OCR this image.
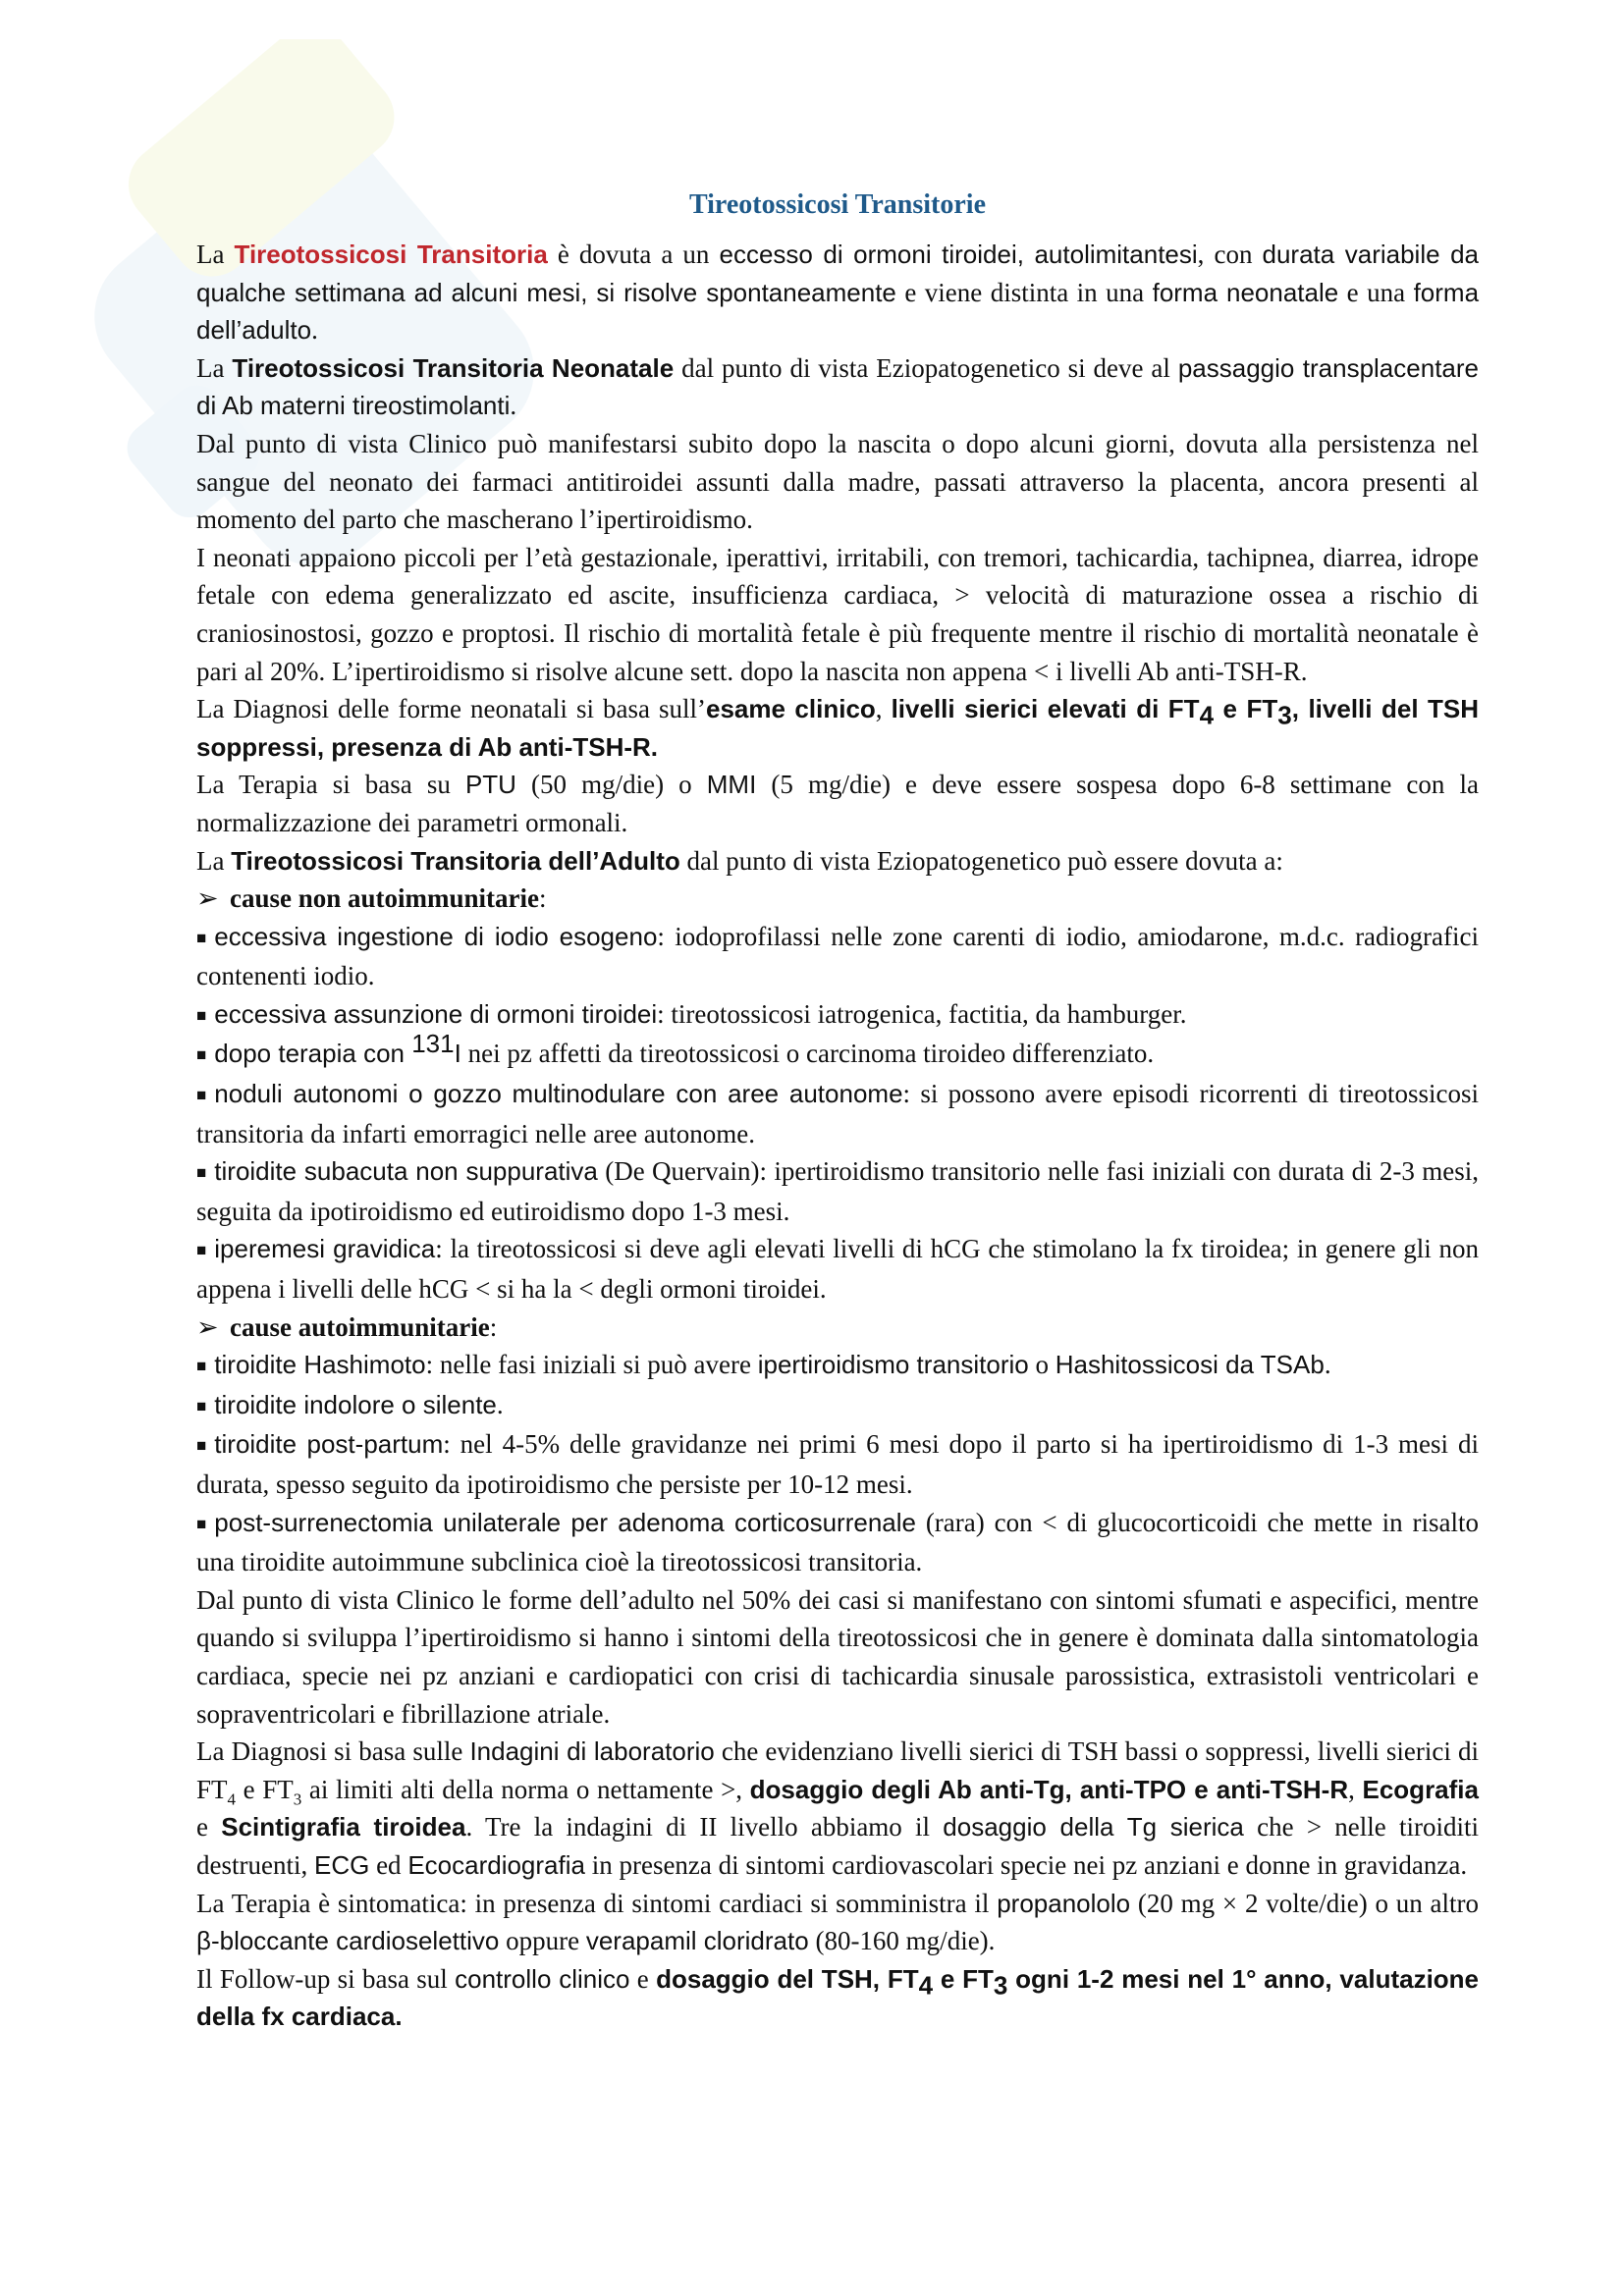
Tireotossicosi Transitorie

La Tireotossicosi Transitoria è dovuta a un eccesso di ormoni tiroidei, autolimitantesi, con durata variabile da qualche settimana ad alcuni mesi, si risolve spontaneamente e viene distinta in una forma neonatale e una forma dell’adulto.

La Tireotossicosi Transitoria Neonatale dal punto di vista Eziopatogenetico si deve al passaggio transplacentare di Ab materni tireostimolanti.

Dal punto di vista Clinico può manifestarsi subito dopo la nascita o dopo alcuni giorni, dovuta alla persistenza nel sangue del neonato dei farmaci antitiroidei assunti dalla madre, passati attraverso la placenta, ancora presenti al momento del parto che mascherano l’ipertiroidismo.

I neonati appaiono piccoli per l’età gestazionale, iperattivi, irritabili, con tremori, tachicardia, tachipnea, diarrea, idrope fetale con edema generalizzato ed ascite, insufficienza cardiaca, > velocità di maturazione ossea a rischio di craniosinostosi, gozzo e proptosi. Il rischio di mortalità fetale è più frequente mentre il rischio di mortalità neonatale è pari al 20%. L’ipertiroidismo si risolve alcune sett. dopo la nascita non appena < i livelli Ab anti-TSH-R.

La Diagnosi delle forme neonatali si basa sull’esame clinico, livelli sierici elevati di $FT_4$ e $FT_3$, livelli del TSH soppressi, presenza di Ab anti-TSH-R.

La Terapia si basa su PTU (50 mg/die) o MMI (5 mg/die) e deve essere sospesa dopo 6-8 settimane con la normalizzazione dei parametri ormonali.

La Tireotossicosi Transitoria dell’Adulto dal punto di vista Eziopatogenetico può essere dovuta a:

➢ cause non autoimmunitarie:

■ eccessiva ingestione di iodio esogeno: iodoprofilassi nelle zone carenti di iodio, amiodarone, m.d.c. radiografici contenenti iodio.

■ eccessiva assunzione di ormoni tiroidei: tireotossicosi iatrogenica, factitia, da hamburger.

■ dopo terapia con $^{131}$I nei pz affetti da tireotossicosi o carcinoma tiroideo differenziato.

■ noduli autonomi o gozzo multinodulare con aree autonome: si possono avere episodi ricorrenti di tireotossicosi transitoria da infarti emorragici nelle aree autonome.

■ tiroidite subacuta non suppurativa (De Quervain): ipertiroidismo transitorio nelle fasi iniziali con durata di 2-3 mesi, seguita da ipotiroidismo ed eutiroidismo dopo 1-3 mesi.

■ iperemesi gravidica: la tireotossicosi si deve agli elevati livelli di hCG che stimolano la fx tiroidea; in genere gli non appena i livelli delle hCG < si ha la < degli ormoni tiroidei.

➢ cause autoimmunitarie:

■ tiroidite Hashimoto: nelle fasi iniziali si può avere ipertiroidismo transitorio o Hashitossicosi da TSAb.

■ tiroidite indolore o silente.

■ tiroidite post-partum: nel 4-5% delle gravidanze nei primi 6 mesi dopo il parto si ha ipertiroidismo di 1-3 mesi di durata, spesso seguito da ipotiroidismo che persiste per 10-12 mesi.

■ post-surrenectomia unilaterale per adenoma corticosurrenale (rara) con < di glucocorticoidi che mette in risalto una tiroidite autoimmune subclinica cioè la tireotossicosi transitoria.

Dal punto di vista Clinico le forme dell’adulto nel 50% dei casi si manifestano con sintomi sfumati e aspecifici, mentre quando si sviluppa l’ipertiroidismo si hanno i sintomi della tireotossicosi che in genere è dominata dalla sintomatologia cardiaca, specie nei pz anziani e cardiopatici con crisi di tachicardia sinusale parossistica, extrasistoli ventricolari e sopraventricolari e fibrillazione atriale.

La Diagnosi si basa sulle Indagini di laboratorio che evidenziano livelli sierici di TSH bassi o soppressi, livelli sierici di $FT_4$ e $FT_3$ ai limiti alti della norma o nettamente >, dosaggio degli Ab anti-Tg, anti-TPO e anti-TSH-R, Ecografia e Scintigrafia tiroidea. Tre la indagini di II livello abbiamo il dosaggio della Tg sierica che > nelle tiroiditi destruenti, ECG ed Ecocardiografia in presenza di sintomi cardiovascolari specie nei pz anziani e donne in gravidanza.

La Terapia è sintomatica: in presenza di sintomi cardiaci si somministra il propanololo (20 mg × 2 volte/die) o un altro β-bloccante cardioselettivo oppure verapamil cloridrato (80-160 mg/die).

Il Follow-up si basa sul controllo clinico e dosaggio del TSH, $FT_4$ e $FT_3$ ogni 1-2 mesi nel 1° anno, valutazione della fx cardiaca.
